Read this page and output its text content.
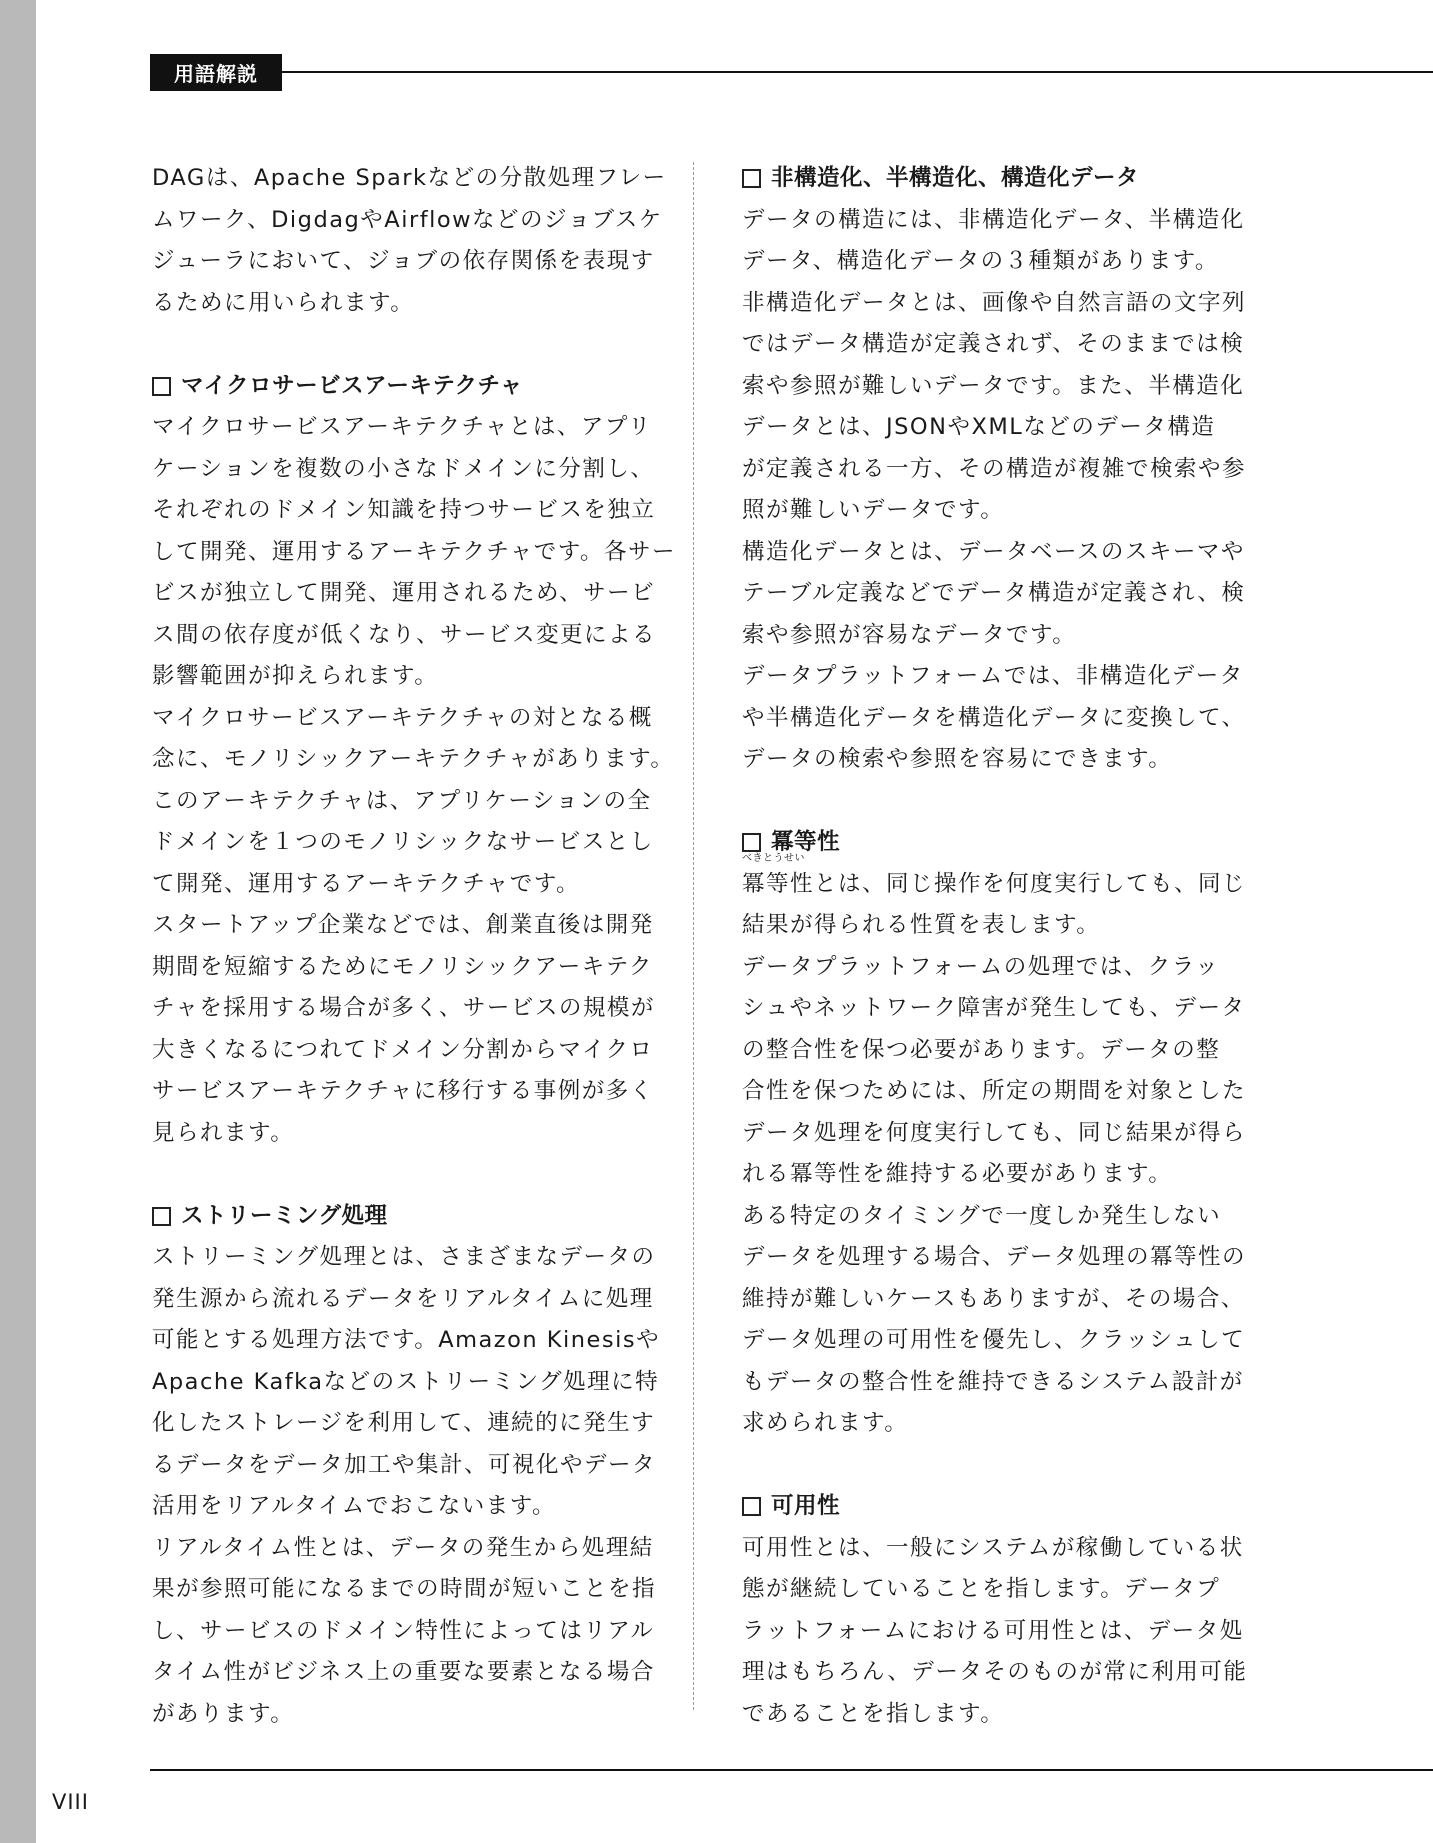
用語解説

DAGは、Apache Sparkなどの分散処理フレー

ムワーク、DigdagやAirflowなどのジョブスケ

ジューラにおいて、ジョブの依存関係を表現す

るために用いられます。

マイクロサービスアーキテクチャ

マイクロサービスアーキテクチャとは、アプリ

ケーションを複数の小さなドメインに分割し、

それぞれのドメイン知識を持つサービスを独立

して開発、運用するアーキテクチャです。各サー

ビスが独立して開発、運用されるため、サービ

ス間の依存度が低くなり、サービス変更による

影響範囲が抑えられます。

マイクロサービスアーキテクチャの対となる概

念に、モノリシックアーキテクチャがあります。

このアーキテクチャは、アプリケーションの全

ドメインを１つのモノリシックなサービスとし

て開発、運用するアーキテクチャです。

スタートアップ企業などでは、創業直後は開発

期間を短縮するためにモノリシックアーキテク

チャを採用する場合が多く、サービスの規模が

大きくなるにつれてドメイン分割からマイクロ

サービスアーキテクチャに移行する事例が多く

見られます。

ストリーミング処理

ストリーミング処理とは、さまざまなデータの

発生源から流れるデータをリアルタイムに処理

可能とする処理方法です。Amazon Kinesisや

Apache Kafkaなどのストリーミング処理に特

化したストレージを利用して、連続的に発生す

るデータをデータ加工や集計、可視化やデータ

活用をリアルタイムでおこないます。

リアルタイム性とは、データの発生から処理結

果が参照可能になるまでの時間が短いことを指

し、サービスのドメイン特性によってはリアル

タイム性がビジネス上の重要な要素となる場合

があります。

非構造化、半構造化、構造化データ

データの構造には、非構造化データ、半構造化

データ、構造化データの３種類があります。

非構造化データとは、画像や自然言語の文字列

ではデータ構造が定義されず、そのままでは検

索や参照が難しいデータです。また、半構造化

データとは、JSONやXMLなどのデータ構造

が定義される一方、その構造が複雑で検索や参

照が難しいデータです。

構造化データとは、データベースのスキーマや

テーブル定義などでデータ構造が定義され、検

索や参照が容易なデータです。

データプラットフォームでは、非構造化データ

や半構造化データを構造化データに変換して、

データの検索や参照を容易にできます。

冪等性

べきとうせい
冪等性とは、同じ操作を何度実行しても、同じ

結果が得られる性質を表します。

データプラットフォームの処理では、クラッ

シュやネットワーク障害が発生しても、データ

の整合性を保つ必要があります。データの整

合性を保つためには、所定の期間を対象とした

データ処理を何度実行しても、同じ結果が得ら

れる冪等性を維持する必要があります。

ある特定のタイミングで一度しか発生しない

データを処理する場合、データ処理の冪等性の

維持が難しいケースもありますが、その場合、

データ処理の可用性を優先し、クラッシュして

もデータの整合性を維持できるシステム設計が

求められます。

可用性

可用性とは、一般にシステムが稼働している状

態が継続していることを指します。データプ

ラットフォームにおける可用性とは、データ処

理はもちろん、データそのものが常に利用可能

であることを指します。

VIII
